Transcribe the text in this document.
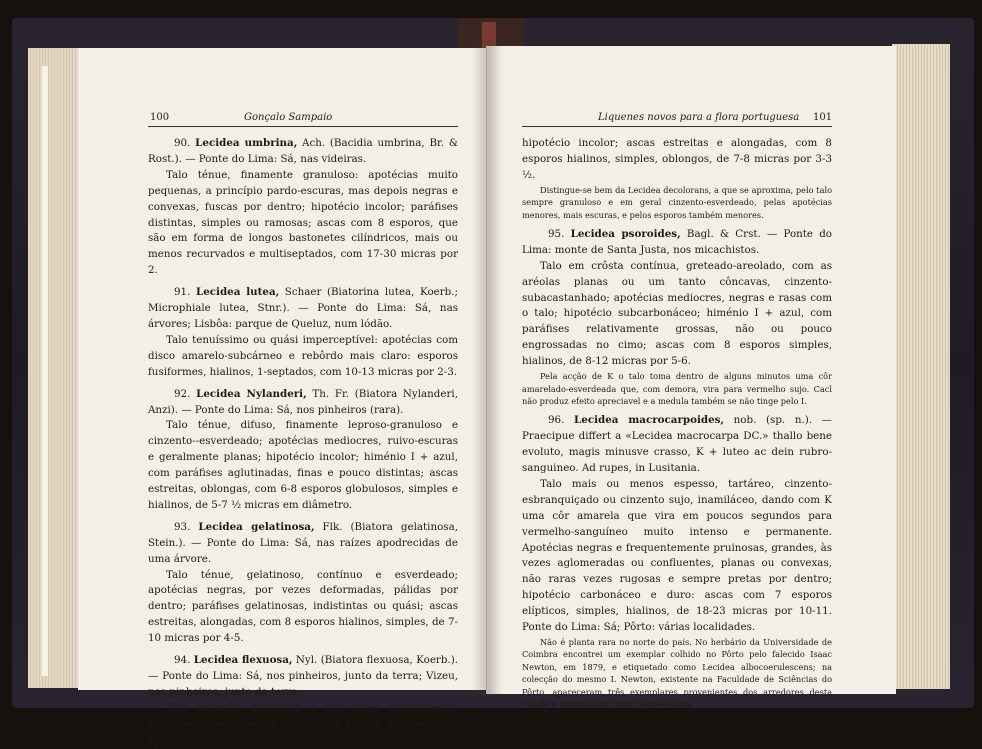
100	Gonçalo Sampaio	Liquenes novos para a flora portuguesa 101

90. Lecidea umbrina, Ach. (Bacidia umbrina, Br. & Rost.). — Ponte do Lima: Sá, nas videiras.

Talo ténue, finamente granuloso: apotécias muito pequenas, a princípio pardo-escuras, mas depois negras e convexas, fuscas por dentro; hipotécio incolor; paráfises distintas, simples ou ramosas; ascas com 8 esporos, que são em forma de longos bastonetes cilíndricos, mais ou menos recurvados e multiseptados, com 17-30 micras por 2.

91. Lecidea lutea, Schaer (Biatorina lutea, Koerb.; Microphiale lutea, Stnr.). — Ponte do Lima: Sá, nas árvores; Lisbôa: parque de Queluz, num lódão.

Talo tenuíssimo ou quási imperceptível: apotécias com disco amarelo-subcárneo e rebôrdo mais claro: esporos fusiformes, hialinos, 1-septados, com 10-13 micras por 2-3.

92. Lecidea Nylanderi, Th. Fr. (Biatora Nylanderi, Anzi). — Ponte do Lima: Sá, nos pinheiros (rara).

Talo ténue, difuso, finamente leproso-granuloso e cinzento--esverdeado; apotécias mediocres, ruivo-escuras e geralmente planas; hipotécio incolor; himénio I + azul, com paráfises aglutinadas, finas e pouco distintas; ascas estreitas, oblongas, com 6-8 esporos globulosos, simples e hialinos, de 5-7 ½ micras em diâmetro.

93. Lecidea gelatinosa, Flk. (Biatora gelatinosa, Stein.). — Ponte do Lima: Sá, nas raízes apodrecidas de uma árvore.

Talo ténue, gelatinoso, contínuo e esverdeado; apotécias negras, por vezes deformadas, pálidas por dentro; paráfises gelatinosas, indistintas ou quási; ascas estreitas, alongadas, com 8 esporos hialinos, simples, de 7-10 micras por 4-5.

94. Lecidea flexuosa, Nyl. (Biatora flexuosa, Koerb.). — Ponte do Lima: Sá, nos pinheiros, junto da terra; Vizeu, nos pinheiros, junto da terra.

Talo delgado, granuloso e por vezes pulverulento, esverdeado ou cinzento, inamiláceo, Cacl + avermelhado; apotécias obscuras:

hipotécio incolor; ascas estreitas e alongadas, com 8 esporos hialinos, simples, oblongos, de 7-8 micras por 3-3 ½.

Distingue-se bem da Lecidea decolorans, a que se aproxima, pelo talo sempre granuloso e em geral cinzento-esverdeado, pelas apotécias menores, mais escuras, e pelos esporos também menores.

95. Lecidea psoroides, Bagl. & Crst. — Ponte do Lima: monte de Santa Justa, nos micachistos.

Talo em crôsta contínua, greteado-areolado, com as aréolas planas ou um tanto côncavas, cinzento-subacastanhado; apotécias mediocres, negras e rasas com o talo; hipotécio subcarbonáceo; himénio I + azul, com paráfises relativamente grossas, não ou pouco engrossadas no cimo; ascas com 8 esporos simples, hialinos, de 8-12 micras por 5-6.

Pela acção de K o talo toma dentro de alguns minutos uma côr amarelado-esverdeada que, com demora, vira para vermelho sujo. Cacl não produz efeito apreciavel e a medula também se não tinge pelo I.

96. Lecidea macrocarpoides, nob. (sp. n.). — Praecipue differt a «Lecidea macrocarpa DC.» thallo bene evoluto, magis minusve crasso, K + luteo ac dein rubro-sanguineo. Ad rupes, in Lusitania.

Talo mais ou menos espesso, tartáreo, cinzento-esbranquiçado ou cinzento sujo, inamiláceo, dando com K uma côr amarela que vira em poucos segundos para vermelho-sanguíneo muito intenso e permanente. Apotécias negras e frequentemente pruinosas, grandes, às vezes aglomeradas ou confluentes, planas ou convexas, não raras vezes rugosas e sempre pretas por dentro; hipotécio carbonáceo e duro: ascas com 7 esporos elípticos, simples, hialinos, de 18-23 micras por 10-11. Ponte do Lima: Sá; Pôrto: várias localidades.

Não é planta rara no norte do país. No herbário da Universidade de Coimbra encontrei um exemplar colhido no Pôrto pelo falecido Isaac Newton, em 1879, e etiquetado como Lecidea albocoerulescens; na colecção do mesmo I. Newton, existente na Faculdade de Sciências do Pôrto, apareceram três exemplares provenientes dos arredores desta cidade e etiquetados como Lecidea platy-
